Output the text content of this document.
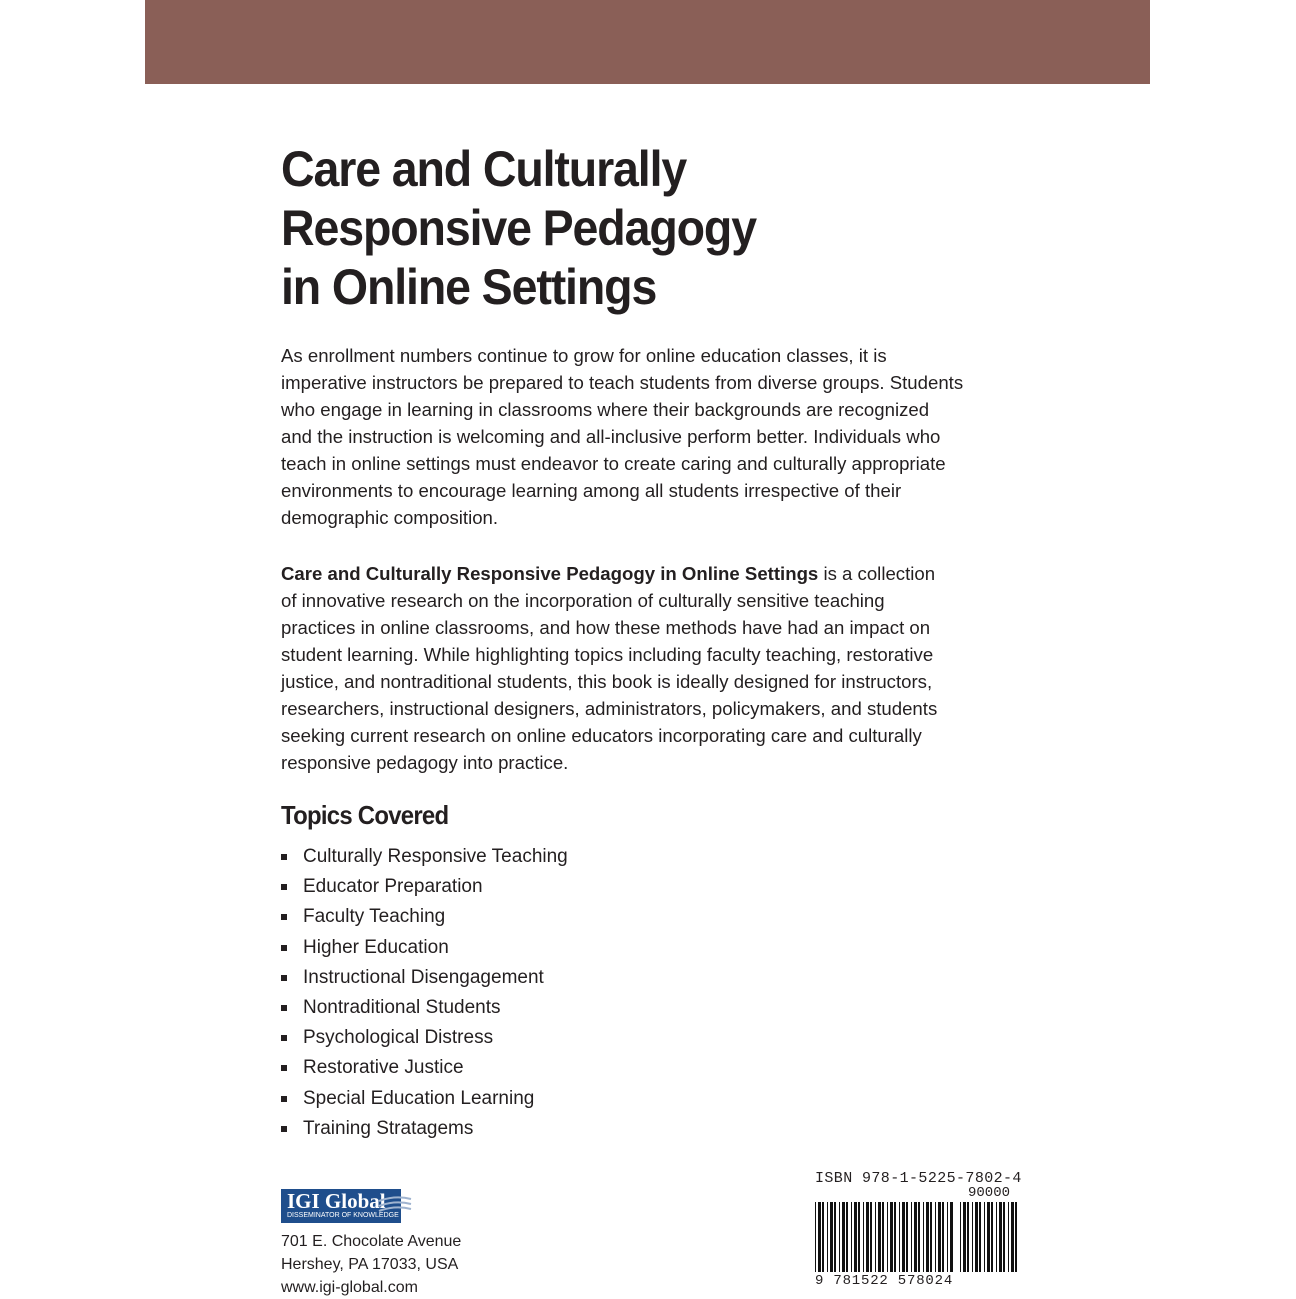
Care and Culturally
Responsive Pedagogy
in Online Settings

As enrollment numbers continue to grow for online education classes, it is
imperative instructors be prepared to teach students from diverse groups. Students
who engage in learning in classrooms where their backgrounds are recognized
and the instruction is welcoming and all-inclusive perform better. Individuals who
teach in online settings must endeavor to create caring and culturally appropriate
environments to encourage learning among all students irrespective of their
demographic composition.

Care and Culturally Responsive Pedagogy in Online Settings is a collection
of innovative research on the incorporation of culturally sensitive teaching
practices in online classrooms, and how these methods have had an impact on
student learning. While highlighting topics including faculty teaching, restorative
justice, and nontraditional students, this book is ideally designed for instructors,
researchers, instructional designers, administrators, policymakers, and students
seeking current research on online educators incorporating care and culturally
responsive pedagogy into practice.

Topics Covered
Culturally Responsive Teaching
Educator Preparation
Faculty Teaching
Higher Education
Instructional Disengagement
Nontraditional Students
Psychological Distress
Restorative Justice
Special Education Learning
Training Stratagems
IGI Global
DISSEMINATOR OF KNOWLEDGE
701 E. Chocolate Avenue
Hershey, PA 17033, USA
www.igi-global.com
ISBN 978-1-5225-7802-4
90000
9 781522 578024
